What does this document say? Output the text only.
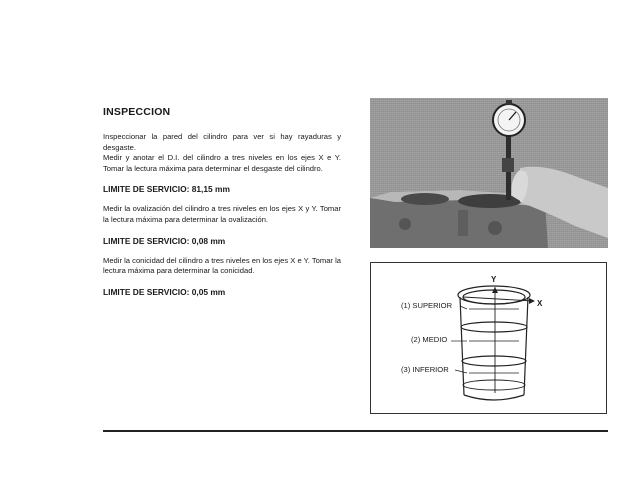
INSPECCION

Inspeccionar la pared del cilindro para ver si hay rayaduras y desgaste.

Medir y anotar el D.I. del cilindro a tres niveles en los ejes X e Y. Tomar la lectura máxima para determinar el desgaste del cilindro.

LIMITE DE SERVICIO: 81,15 mm

Medir la ovalización del cilindro a tres niveles en los ejes X y Y. Tomar la lectura máxima para determinar la ovalización.

LIMITE DE SERVICIO: 0,08 mm

Medir la conicidad del cilindro a tres niveles en los ejes X e Y. Tomar la lectura máxima para determinar la conicidad.

LIMITE DE SERVICIO: 0,05 mm
(1) SUPERIOR
(2) MEDIO
(3) INFERIOR
X
Y
